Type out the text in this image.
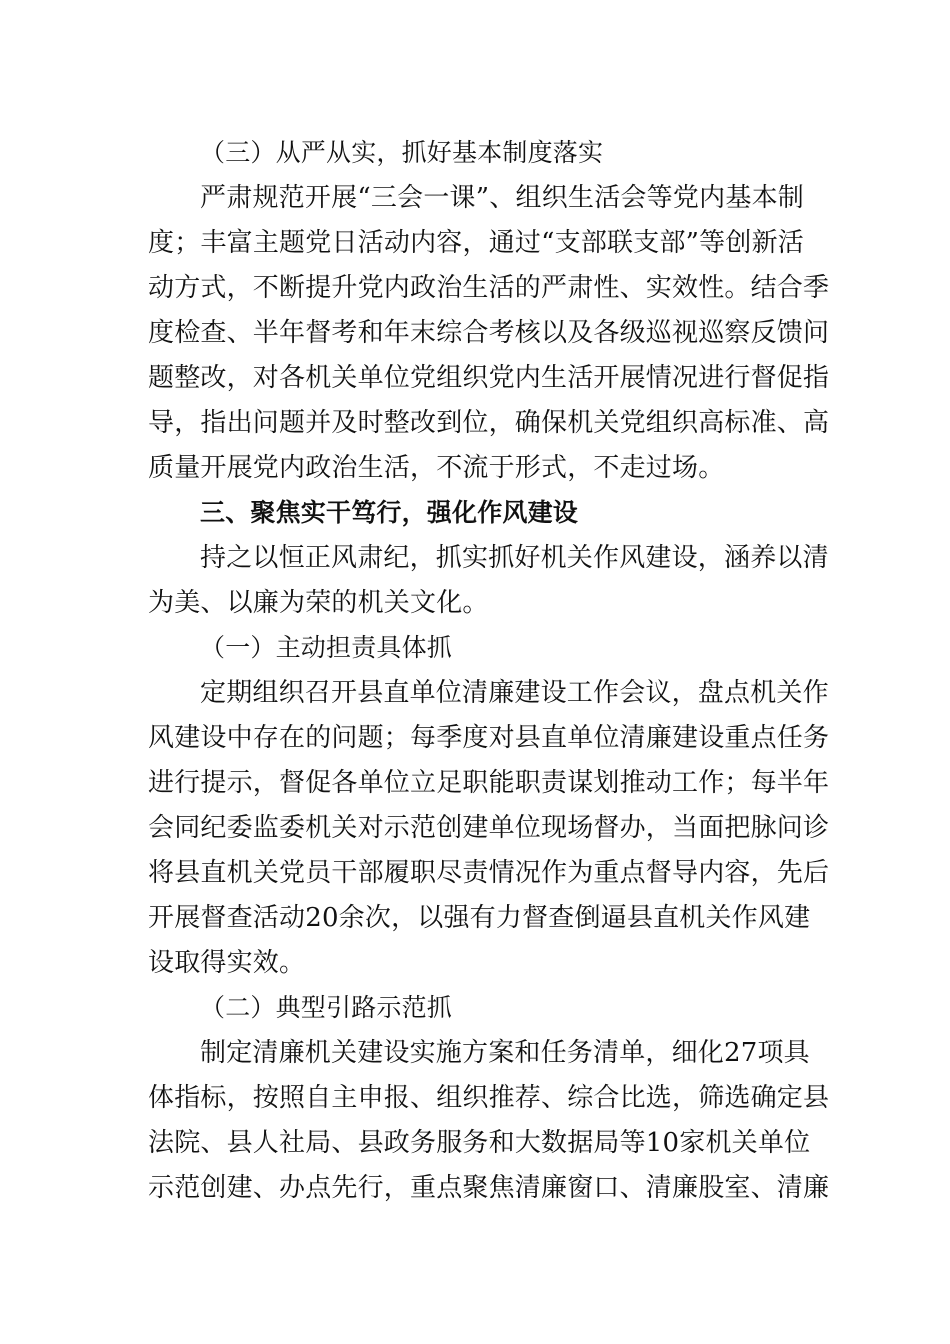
（三）从严从实，抓好基本制度落实
严肃规范开展“三会一课”、组织生活会等党内基本制
度；丰富主题党日活动内容，通过“支部联支部”等创新活
动方式，不断提升党内政治生活的严肃性、实效性。结合季
度检查、半年督考和年末综合考核以及各级巡视巡察反馈问
题整改，对各机关单位党组织党内生活开展情况进行督促指
导，指出问题并及时整改到位，确保机关党组织高标准、高
质量开展党内政治生活，不流于形式，不走过场。
三、聚焦实干笃行，强化作风建设
持之以恒正风肃纪，抓实抓好机关作风建设，涵养以清
为美、以廉为荣的机关文化。
（一）主动担责具体抓
定期组织召开县直单位清廉建设工作会议，盘点机关作
风建设中存在的问题；每季度对县直单位清廉建设重点任务
进行提示，督促各单位立足职能职责谋划推动工作；每半年
会同纪委监委机关对示范创建单位现场督办，当面把脉问诊
将县直机关党员干部履职尽责情况作为重点督导内容，先后
开展督查活动20余次，以强有力督查倒逼县直机关作风建
设取得实效。
（二）典型引路示范抓
制定清廉机关建设实施方案和任务清单，细化27项具
体指标，按照自主申报、组织推荐、综合比选，筛选确定县
法院、县人社局、县政务服务和大数据局等10家机关单位
示范创建、办点先行，重点聚焦清廉窗口、清廉股室、清廉
